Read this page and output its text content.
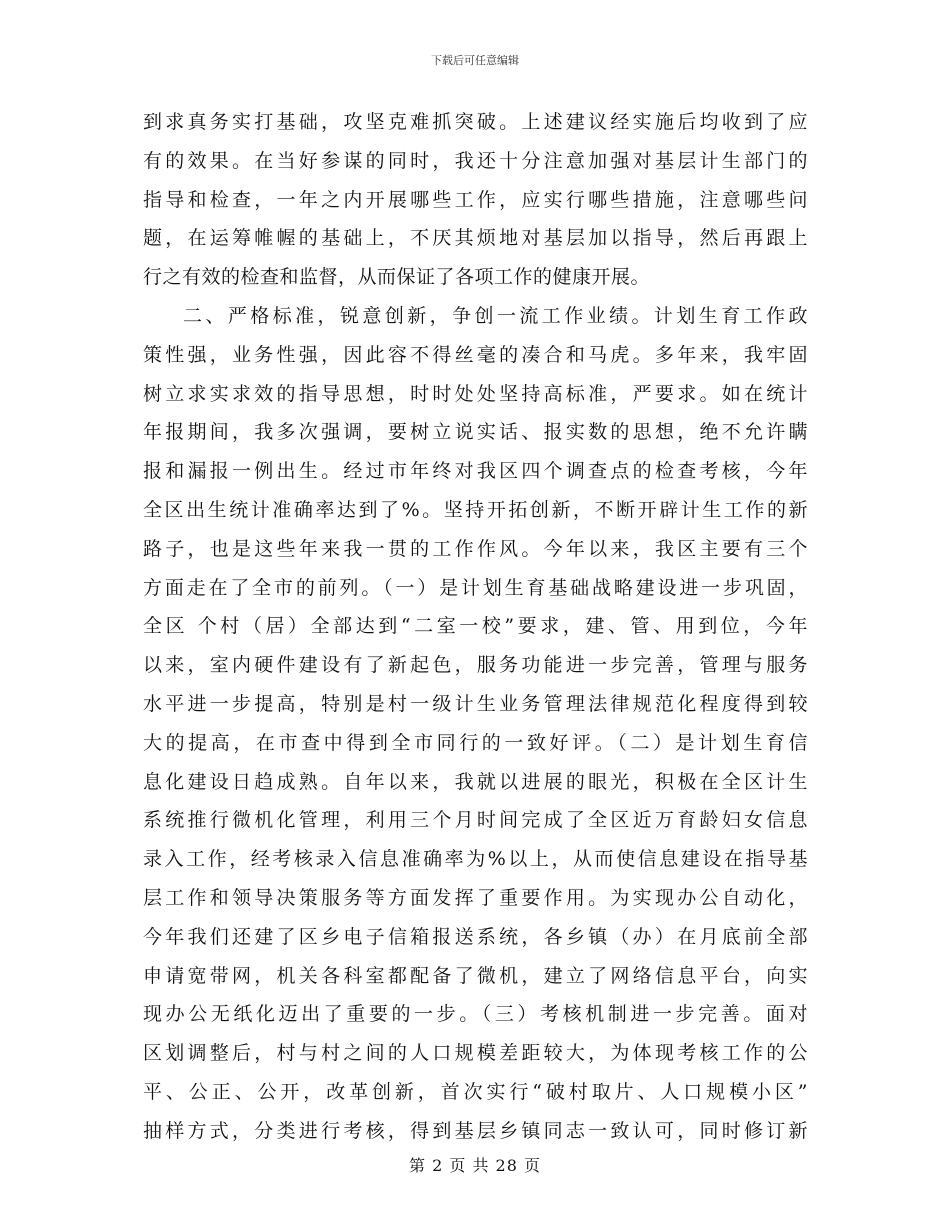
下载后可任意编辑
到求真务实打基础，攻坚克难抓突破。上述建议经实施后均收到了应
有的效果。在当好参谋的同时，我还十分注意加强对基层计生部门的
指导和检查，一年之内开展哪些工作，应实行哪些措施，注意哪些问
题，在运筹帷幄的基础上，不厌其烦地对基层加以指导，然后再跟上
行之有效的检查和监督，从而保证了各项工作的健康开展。
二、严格标准，锐意创新，争创一流工作业绩。计划生育工作政
策性强，业务性强，因此容不得丝毫的凑合和马虎。多年来，我牢固
树立求实求效的指导思想，时时处处坚持高标准，严要求。如在统计
年报期间，我多次强调，要树立说实话、报实数的思想，绝不允许瞒
报和漏报一例出生。经过市年终对我区四个调查点的检查考核，今年
全区出生统计准确率达到了%。坚持开拓创新，不断开辟计生工作的新
路子，也是这些年来我一贯的工作作风。今年以来，我区主要有三个
方面走在了全市的前列。（一）是计划生育基础战略建设进一步巩固，
全区 个村（居）全部达到“二室一校”要求，建、管、用到位，今年
以来，室内硬件建设有了新起色，服务功能进一步完善，管理与服务
水平进一步提高，特别是村一级计生业务管理法律规范化程度得到较
大的提高，在市查中得到全市同行的一致好评。（二）是计划生育信
息化建设日趋成熟。自年以来，我就以进展的眼光，积极在全区计生
系统推行微机化管理，利用三个月时间完成了全区近万育龄妇女信息
录入工作，经考核录入信息准确率为%以上，从而使信息建设在指导基
层工作和领导决策服务等方面发挥了重要作用。为实现办公自动化，
今年我们还建了区乡电子信箱报送系统，各乡镇（办）在月底前全部
申请宽带网，机关各科室都配备了微机，建立了网络信息平台，向实
现办公无纸化迈出了重要的一步。（三）考核机制进一步完善。面对
区划调整后，村与村之间的人口规模差距较大，为体现考核工作的公
平、公正、公开，改革创新，首次实行“破村取片、人口规模小区”
抽样方式，分类进行考核，得到基层乡镇同志一致认可，同时修订新
第 2 页 共 28 页
